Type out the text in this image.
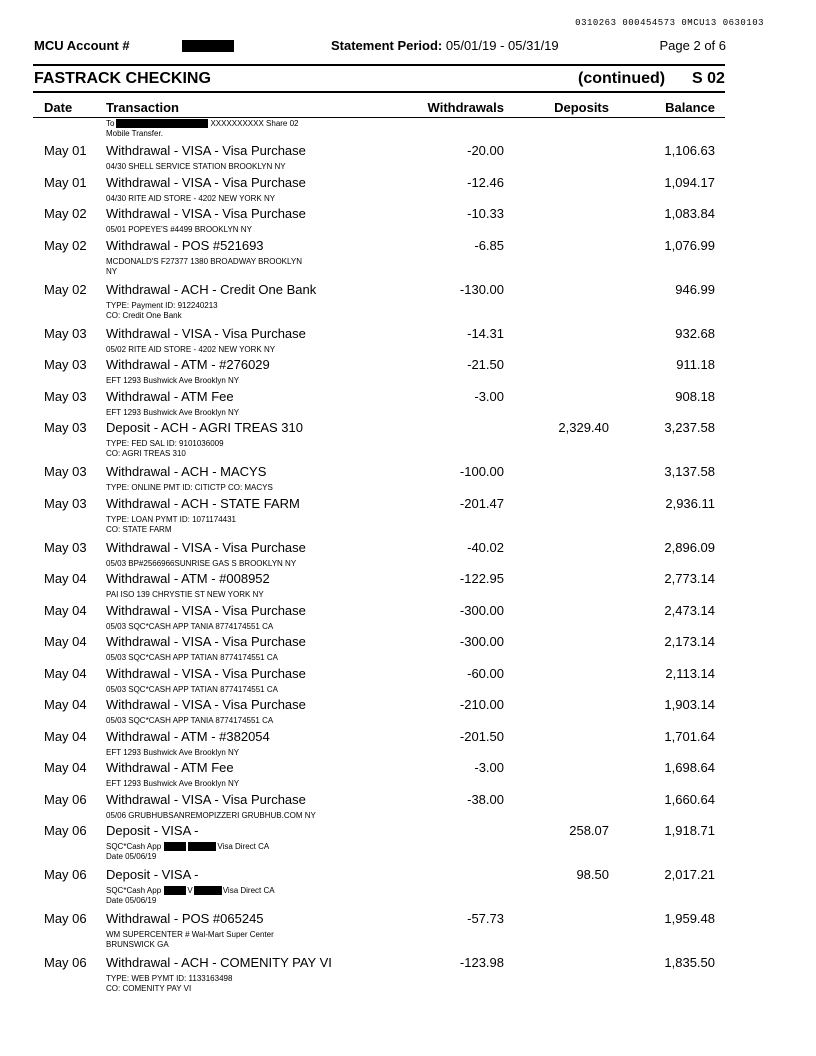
0310263 000454573 0MCU13 0630103
MCU Account #	Statement Period: 05/01/19 - 05/31/19	Page 2 of 6
FASTRACK CHECKING	(continued) S 02
Date	Transaction	Withdrawals	Deposits	Balance
To	XXXXXXXXXX Share 02
Mobile Transfer.
May 01 Withdrawal - VISA - Visa Purchase
04/30 SHELL SERVICE STATION BROOKLYN NY
-20.00	1,106.63
May 01 Withdrawal - VISA - Visa Purchase
04/30 RITE AID STORE - 4202 NEW YORK NY
-12.46	1,094.17
May 02 Withdrawal - VISA - Visa Purchase
05/01 POPEYE'S #4499 BROOKLYN NY
-10.33	1,083.84
May 02 Withdrawal - POS #521693
MCDONALD'S F27377 1380 BROADWAY BROOKLYN
NY
-6.85	1,076.99
May 02 Withdrawal - ACH - Credit One Bank
TYPE: Payment ID: 912240213
CO: Credit One Bank
-130.00	946.99
May 03 Withdrawal - VISA - Visa Purchase
05/02 RITE AID STORE - 4202 NEW YORK NY
-14.31	932.68
May 03 Withdrawal - ATM - #276029
EFT 1293 Bushwick Ave Brooklyn NY
-21.50	911.18
May 03 Withdrawal - ATM Fee
EFT 1293 Bushwick Ave Brooklyn NY
-3.00	908.18
May 03 Deposit - ACH - AGRI TREAS 310
TYPE: FED SAL ID: 9101036009
CO: AGRI TREAS 310
2,329.40	3,237.58
May 03 Withdrawal - ACH - MACYS
TYPE: ONLINE PMT ID: CITICTP CO: MACYS
-100.00	3,137.58
May 03 Withdrawal - ACH - STATE FARM
TYPE: LOAN PYMT ID: 1071174431
CO: STATE FARM
-201.47	2,936.11
May 03 Withdrawal - VISA - Visa Purchase
05/03 BP#2566966SUNRISE GAS S BROOKLYN NY
-40.02	2,896.09
May 04 Withdrawal - ATM - #008952
PAI ISO 139 CHRYSTIE ST NEW YORK NY
-122.95	2,773.14
May 04 Withdrawal - VISA - Visa Purchase
05/03 SQC*CASH APP TANIA 8774174551 CA
-300.00	2,473.14
May 04 Withdrawal - VISA - Visa Purchase
05/03 SQC*CASH APP TATIAN 8774174551 CA
-300.00	2,173.14
May 04 Withdrawal - VISA - Visa Purchase
05/03 SQC*CASH APP TATIAN 8774174551 CA
-60.00	2,113.14
May 04 Withdrawal - VISA - Visa Purchase
05/03 SQC*CASH APP TANIA 8774174551 CA
-210.00	1,903.14
May 04 Withdrawal - ATM - #382054
EFT 1293 Bushwick Ave Brooklyn NY
-201.50	1,701.64
May 04 Withdrawal - ATM Fee
EFT 1293 Bushwick Ave Brooklyn NY
-3.00	1,698.64
May 06 Withdrawal - VISA - Visa Purchase
05/06 GRUBHUBSANREMOPIZZERI GRUBHUB.COM NY
-38.00	1,660.64
May 06 Deposit - VISA -
SQC*Cash App	Visa Direct CA
Date 05/06/19
258.07	1,918.71
May 06 Deposit - VISA -
SQC*Cash App	V	Visa Direct CA
Date 05/06/19
98.50	2,017.21
May 06 Withdrawal - POS #065245
WM SUPERCENTER # Wal-Mart Super Center
BRUNSWICK GA
-57.73	1,959.48
May 06 Withdrawal - ACH - COMENITY PAY VI
TYPE: WEB PYMT ID: 1133163498
CO: COMENITY PAY VI
-123.98	1,835.50
